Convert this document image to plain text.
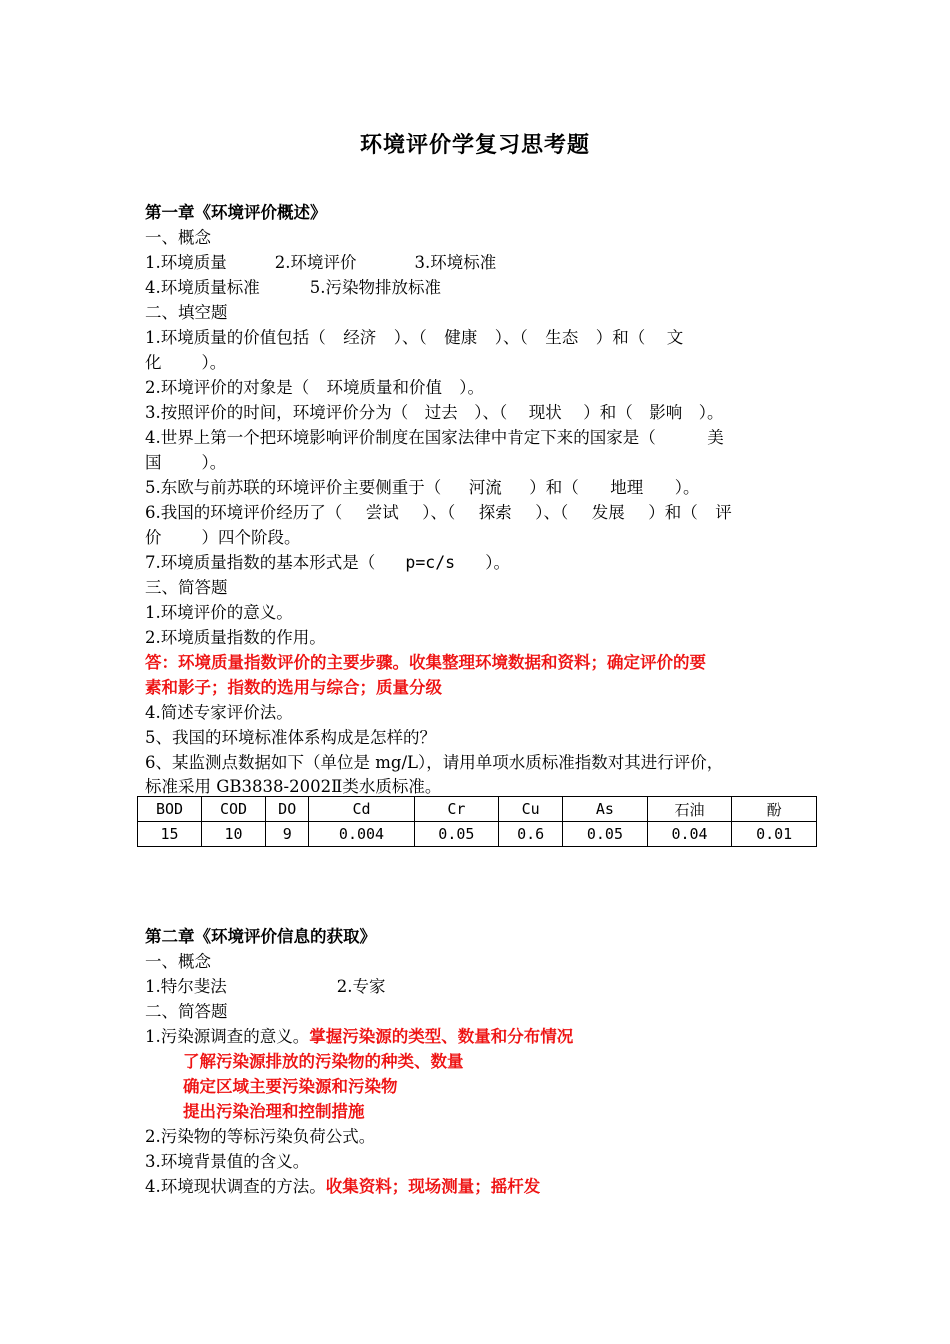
环境评价学复习思考题
第一章《环境评价概述》
一、概念
1.环境质量	2.环境评价	3.环境标准
4.环境质量标准	5.污染物排放标准
二、填空题
1.环境质量的价值包括（ 经济 ）、（ 健康 ）、（ 生态 ）和（ 文
化 ）。
2.环境评价的对象是（ 环境质量和价值 ）。
3.按照评价的时间，环境评价分为（ 过去 ）、（ 现状 ）和（ 影响 ）。
4.世界上第一个把环境影响评价制度在国家法律中肯定下来的国家是（	美
国 ）。
5.东欧与前苏联的环境评价主要侧重于（ 河流 ）和（ 地理 ）。
6.我国的环境评价经历了（ 尝试 ）、（ 探索 ）、（ 发展 ）和（ 评
价 ）四个阶段。
7.环境质量指数的基本形式是（ p=c/s ）。
三、简答题
1.环境评价的意义。
2.环境质量指数的作用。
答：环境质量指数评价的主要步骤。收集整理环境数据和资料；确定评价的要
素和影子；指数的选用与综合；质量分级
4.简述专家评价法。
5、我国的环境标准体系构成是怎样的？
6、某监测点数据如下（单位是 mg/L），请用单项水质标准指数对其进行评价，
标准采用 GB3838-2002Ⅱ类水质标准。
BOD	COD	DO	Cd	Cr	Cu	As	石油	酚
15	10	9	0.004	0.05	0.6	0.05	0.04	0.01
第二章《环境评价信息的获取》
一、概念
1.特尔斐法	2.专家
二、简答题
1.污染源调查的意义。掌握污染源的类型、数量和分布情况
了解污染源排放的污染物的种类、数量
确定区域主要污染源和污染物
提出污染治理和控制措施
2.污染物的等标污染负荷公式。
3.环境背景值的含义。
4.环境现状调查的方法。收集资料；现场测量；摇杆发
